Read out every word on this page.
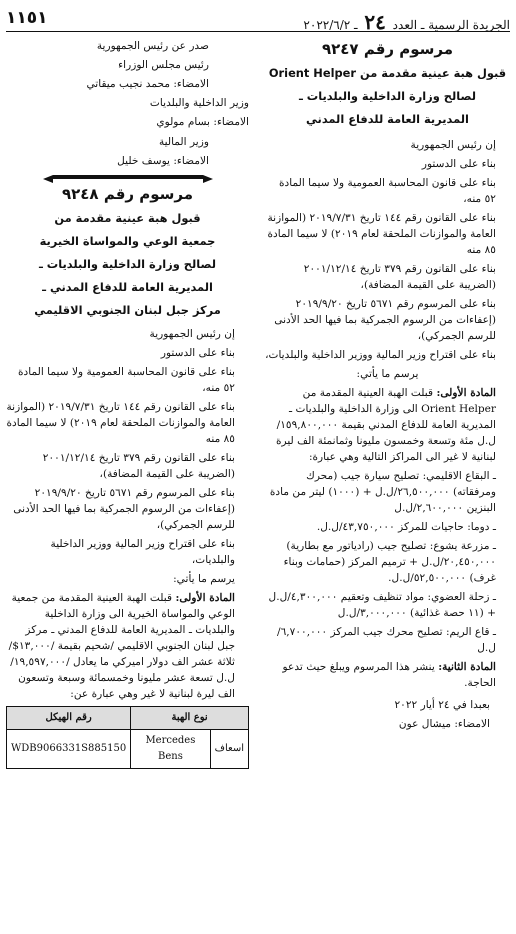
١١٥١	الجريدة الرسمية ـ العدد ٢٤ ـ ٢٠٢٢/٦/٢

مرسوم رقم ٩٢٤٧

قبول هبة عينية مقدمة من Orient Helper

لصالح وزارة الداخلية والبلديات ـ

المديرية العامة للدفاع المدني

إن رئيس الجمهورية

بناء على الدستور

بناء على قانون المحاسبة العمومية ولا سيما المادة ٥٢ منه،

بناء على القانون رقم ١٤٤ تاريخ ٢٠١٩/٧/٣١ (الموازنة العامة والموازنات الملحقة لعام ٢٠١٩) لا سيما المادة ٨٥ منه

بناء على القانون رقم ٣٧٩ تاريخ ٢٠٠١/١٢/١٤ (الضريبة على القيمة المضافة)،

بناء على المرسوم رقم ٥٦٧١ تاريخ ٢٠١٩/٩/٢٠ (إعفاءات من الرسوم الجمركية بما فيها الحد الأدنى للرسم الجمركي)،

بناء على اقتراح وزير المالية ووزير الداخلية والبلديات،

يرسم ما يأتي:

المادة الأولى: قبلت الهبة العينية المقدمة من Orient Helper الى وزارة الداخلية والبلديات ـ المديرية العامة للدفاع المدني بقيمة ١٥٩,٨٠٠,٠٠٠/ل.ل مئة وتسعة وخمسون مليونا وثمانمئة الف ليرة لبنانية لا غير الى المراكز التالية وهي عبارة:

ـ البقاع الاقليمي: تصليح سيارة جيب (محرك ومرفقاته) ٢٦,٥٠٠,٠٠٠/ل.ل + (١٠٠٠) ليتر من مادة البنزين ٢,٦٠٠,٠٠٠/ل.ل

ـ دوما: حاجيات للمركز ٤٣,٧٥٠,٠٠٠/ل.ل.

ـ مزرعة يشوع: تصليح جيب (رادياتور مع بطارية) ٢٠,٤٥٠,٠٠٠/ل.ل + ترميم المركز (حمامات وبناء غرف) ٥٢,٥٠٠,٠٠٠/ل.ل.

ـ زحلة العضوي: مواد تنظيف وتعقيم ٤,٣٠٠,٠٠٠/ل.ل + (١١ حصة غذائية) ٣,٠٠٠,٠٠٠/ل.ل

ـ قاع الريم: تصليح محرك جيب المركز ٦,٧٠٠,٠٠٠/ل.ل

المادة الثانية: ينشر هذا المرسوم ويبلغ حيث تدعو الحاجة.

بعبدا في ٢٤ أيار ٢٠٢٢

الامضاء: ميشال عون

صدر عن رئيس الجمهورية

رئيس مجلس الوزراء

الامضاء: محمد نجيب ميقاتي

وزير الداخلية والبلديات

الامضاء: بسام مولوي

وزير المالية

الامضاء: يوسف خليل

مرسوم رقم ٩٢٤٨

قبول هبة عينية مقدمة من

جمعية الوعي والمواساة الخيرية

لصالح وزارة الداخلية والبلديات ـ

المديرية العامة للدفاع المدني ـ

مركز جبل لبنان الجنوبي الاقليمي

إن رئيس الجمهورية

بناء على الدستور

بناء على قانون المحاسبة العمومية ولا سيما المادة ٥٢ منه،

بناء على القانون رقم ١٤٤ تاريخ ٢٠١٩/٧/٣١ (الموازنة العامة والموازنات الملحقة لعام ٢٠١٩) لا سيما المادة ٨٥ منه

بناء على القانون رقم ٣٧٩ تاريخ ٢٠٠١/١٢/١٤ (الضريبة على القيمة المضافة)،

بناء على المرسوم رقم ٥٦٧١ تاريخ ٢٠١٩/٩/٢٠ (إعفاءات من الرسوم الجمركية بما فيها الحد الأدنى للرسم الجمركي)،

بناء على اقتراح وزير المالية ووزير الداخلية والبلديات،

يرسم ما يأتي:

المادة الأولى: قبلت الهبة العينية المقدمة من جمعية الوعي والمواساة الخيرية الى وزارة الداخلية والبلديات ـ المديرية العامة للدفاع المدني ـ مركز جبل لبنان الجنوبي الاقليمي /شحيم بقيمة /١٣,٠٠٠$/ ثلاثة عشر الف دولار اميركي ما يعادل /١٩,٥٩٧,٠٠٠/ل.ل تسعة عشر مليونا وخمسمائة وسبعة وتسعون الف ليرة لبنانية لا غير وهي عبارة عن:

نوع الهبة		رقم الهيكل
اسعاف	Mercedes Bens	WDB9066331S885150
